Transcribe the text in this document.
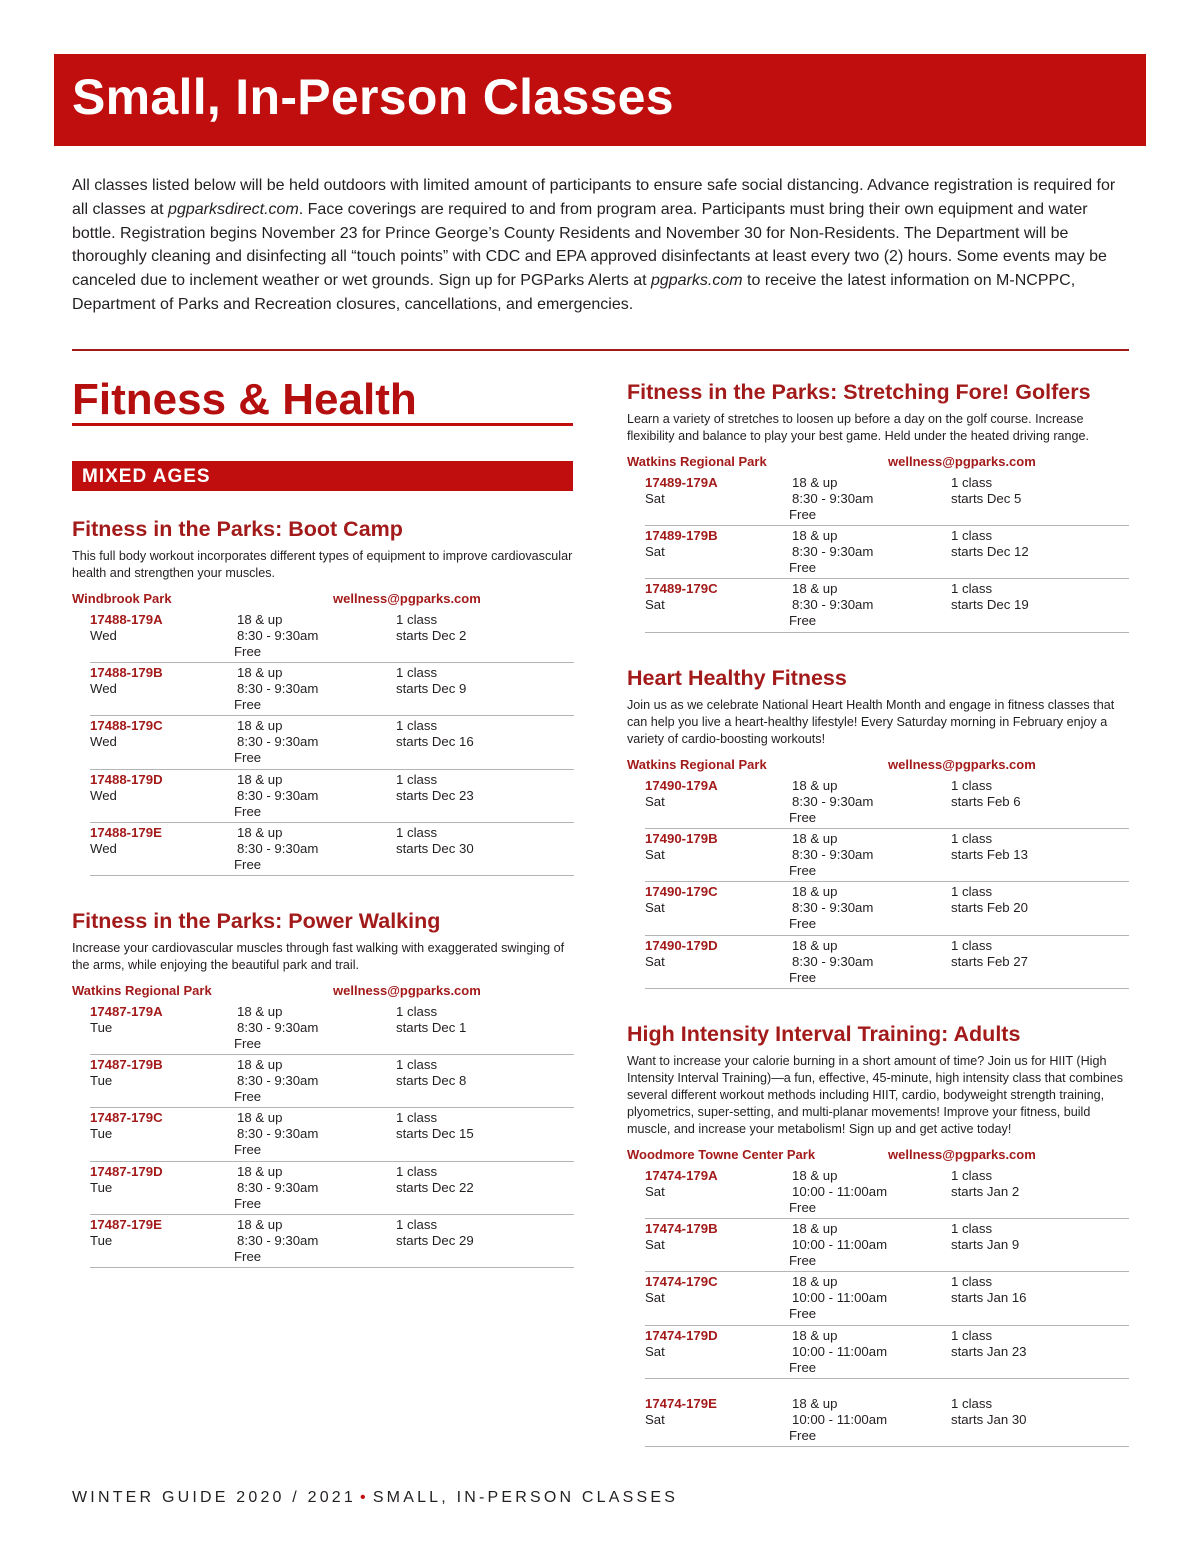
Small, In-Person Classes

All classes listed below will be held outdoors with limited amount of participants to ensure safe social distancing. Advance registration is required for all classes at pgparksdirect.com. Face coverings are required to and from program area. Participants must bring their own equipment and water bottle. Registration begins November 23 for Prince George’s County Residents and November 30 for Non-Residents. The Department will be thoroughly cleaning and disinfecting all “touch points” with CDC and EPA approved disinfectants at least every two (2) hours. Some events may be canceled due to inclement weather or wet grounds. Sign up for PGParks Alerts at pgparks.com to receive the latest information on M-NCPPC, Department of Parks and Recreation closures, cancellations, and emergencies.

Fitness & Health
MIXED AGES
Fitness in the Parks: Boot Camp

This full body workout incorporates different types of equipment to improve cardiovascular health and strengthen your muscles.

Windbrook Park	wellness@pgparks.com
17488-179A
Wed
18 & up
8:30 - 9:30am
Free
1 class
starts Dec 2
17488-179B
Wed
18 & up
8:30 - 9:30am
Free
1 class
starts Dec 9
17488-179C
Wed
18 & up
8:30 - 9:30am
Free
1 class
starts Dec 16
17488-179D
Wed
18 & up
8:30 - 9:30am
Free
1 class
starts Dec 23
17488-179E
Wed
18 & up
8:30 - 9:30am
Free
1 class
starts Dec 30
Fitness in the Parks: Power Walking

Increase your cardiovascular muscles through fast walking with exaggerated swinging of the arms, while enjoying the beautiful park and trail.

Watkins Regional Park	wellness@pgparks.com
17487-179A
Tue
18 & up
8:30 - 9:30am
Free
1 class
starts Dec 1
17487-179B
Tue
18 & up
8:30 - 9:30am
Free
1 class
starts Dec 8
17487-179C
Tue
18 & up
8:30 - 9:30am
Free
1 class
starts Dec 15
17487-179D
Tue
18 & up
8:30 - 9:30am
Free
1 class
starts Dec 22
17487-179E
Tue
18 & up
8:30 - 9:30am
Free
1 class
starts Dec 29
Fitness in the Parks: Stretching Fore! Golfers

Learn a variety of stretches to loosen up before a day on the golf course. Increase flexibility and balance to play your best game. Held under the heated driving range.

Watkins Regional Park	wellness@pgparks.com
17489-179A
Sat
18 & up
8:30 - 9:30am
Free
1 class
starts Dec 5
17489-179B
Sat
18 & up
8:30 - 9:30am
Free
1 class
starts Dec 12
17489-179C
Sat
18 & up
8:30 - 9:30am
Free
1 class
starts Dec 19
Heart Healthy Fitness

Join us as we celebrate National Heart Health Month and engage in fitness classes that can help you live a heart-healthy lifestyle! Every Saturday morning in February enjoy a variety of cardio-boosting workouts!

Watkins Regional Park	wellness@pgparks.com
17490-179A
Sat
18 & up
8:30 - 9:30am
Free
1 class
starts Feb 6
17490-179B
Sat
18 & up
8:30 - 9:30am
Free
1 class
starts Feb 13
17490-179C
Sat
18 & up
8:30 - 9:30am
Free
1 class
starts Feb 20
17490-179D
Sat
18 & up
8:30 - 9:30am
Free
1 class
starts Feb 27
High Intensity Interval Training: Adults

Want to increase your calorie burning in a short amount of time? Join us for HIIT (High Intensity Interval Training)—a fun, effective, 45-minute, high intensity class that combines several different workout methods including HIIT, cardio, bodyweight strength training, plyometrics, super-setting, and multi-planar movements! Improve your fitness, build muscle, and increase your metabolism! Sign up and get active today!

Woodmore Towne Center Park	wellness@pgparks.com
17474-179A
Sat
18 & up
10:00 - 11:00am
Free
1 class
starts Jan 2
17474-179B
Sat
18 & up
10:00 - 11:00am
Free
1 class
starts Jan 9
17474-179C
Sat
18 & up
10:00 - 11:00am
Free
1 class
starts Jan 16
17474-179D
Sat
18 & up
10:00 - 11:00am
Free
1 class
starts Jan 23
17474-179E
Sat
18 & up
10:00 - 11:00am
Free
1 class
starts Jan 30
WINTER GUIDE 2020 / 2021 • SMALL, IN-PERSON CLASSES
